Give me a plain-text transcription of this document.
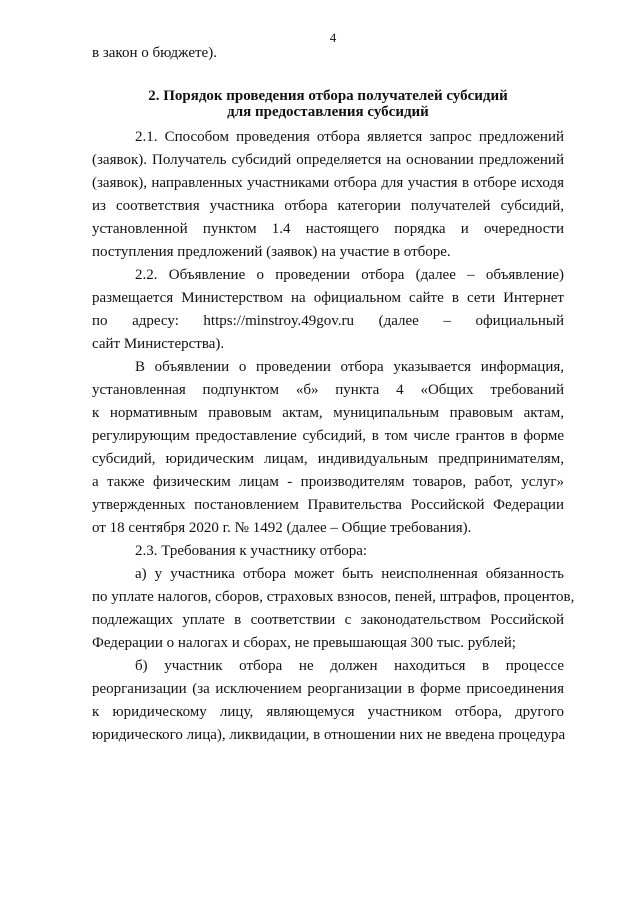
4
в закон о бюджете).
2. Порядок проведения отбора получателей субсидий
для предоставления субсидий
2.1. Способом проведения отбора является запрос предложений
(заявок). Получатель субсидий определяется на основании предложений
(заявок), направленных участниками отбора для участия в отборе исходя
из соответствия участника отбора категории получателей субсидий,
установленной пунктом 1.4 настоящего порядка и очередности
поступления предложений (заявок) на участие в отборе.
2.2. Объявление о проведении отбора (далее – объявление)
размещается Министерством на официальном сайте в сети Интернет
по адресу: https://minstroy.49gov.ru (далее – официальный
сайт Министерства).
В объявлении о проведении отбора указывается информация,
установленная подпунктом «б» пункта 4 «Общих требований
к нормативным правовым актам, муниципальным правовым актам,
регулирующим предоставление субсидий, в том числе грантов в форме
субсидий, юридическим лицам, индивидуальным предпринимателям,
а также физическим лицам - производителям товаров, работ, услуг»
утвержденных постановлением Правительства Российской Федерации
от 18 сентября 2020 г. № 1492 (далее – Общие требования).
2.3. Требования к участнику отбора:
а) у участника отбора может быть неисполненная обязанность
по уплате налогов, сборов, страховых взносов, пеней, штрафов, процентов,
подлежащих уплате в соответствии с законодательством Российской
Федерации о налогах и сборах, не превышающая 300 тыс. рублей;
б) участник отбора не должен находиться в процессе
реорганизации (за исключением реорганизации в форме присоединения
к юридическому лицу, являющемуся участником отбора, другого
юридического лица), ликвидации, в отношении них не введена процедура
